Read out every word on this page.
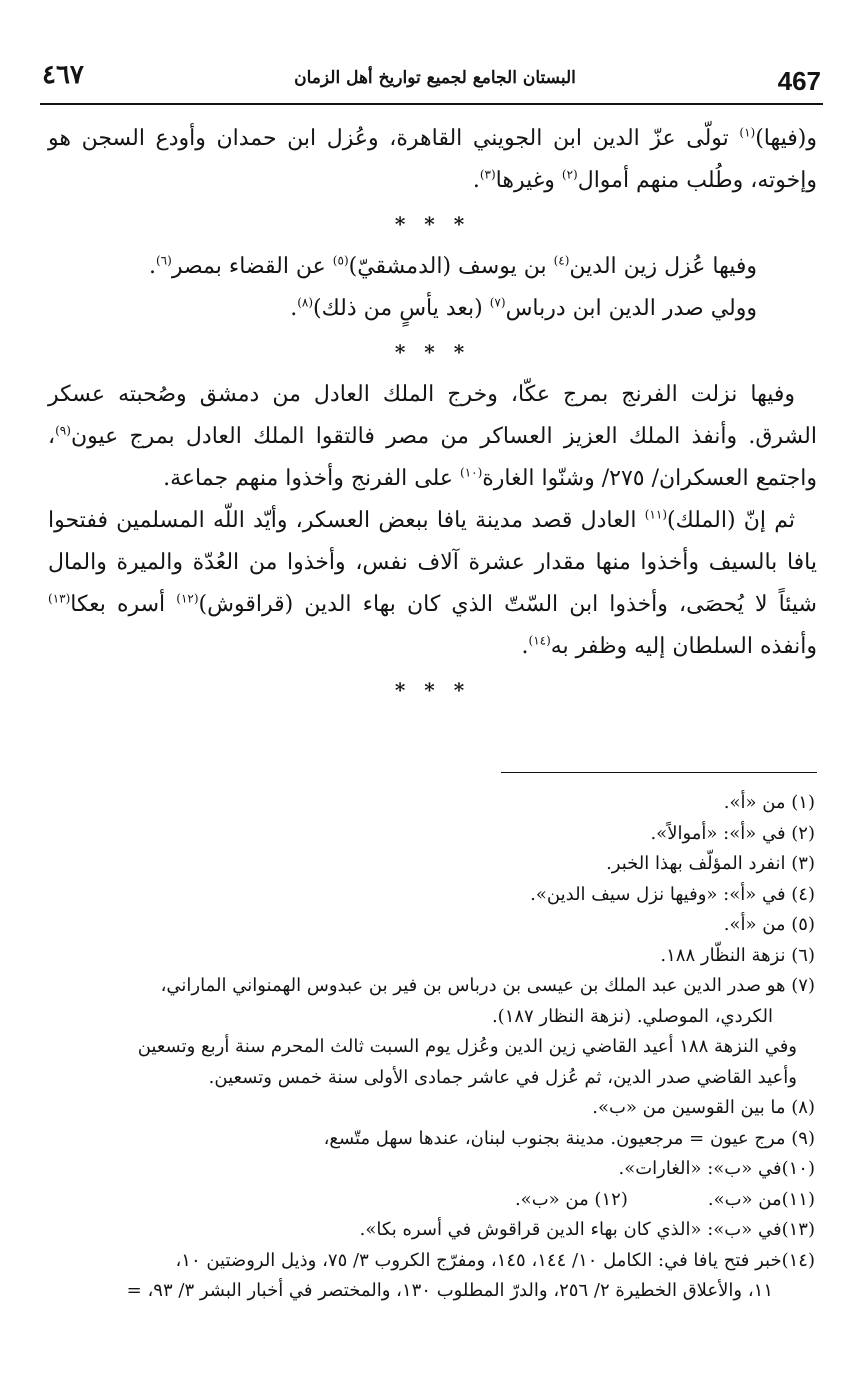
٤٦٧	البستان الجامع لجميع تواريخ أهل الزمان	467

و(فيها)$^{(١)}$ تولّى عزّ الدين ابن الجويني القاهرة، وعُزل ابن حمدان وأودع السجن هو وإخوته، وطُلب منهم أموال$^{(٢)}$ وغيرها$^{(٣)}$.

* * *

وفيها عُزل زين الدين$^{(٤)}$ بن يوسف (الدمشقيّ)$^{(٥)}$ عن القضاء بمصر$^{(٦)}$.

وولي صدر الدين ابن درباس$^{(٧)}$ (بعد يأسٍ من ذلك)$^{(٨)}$.

* * *

وفيها نزلت الفرنج بمرج عكّا، وخرج الملك العادل من دمشق وصُحبته عسكر الشرق. وأنفذ الملك العزيز العساكر من مصر فالتقوا الملك العادل بمرج عيون$^{(٩)}$، واجتمع العسكران/ ٢٧٥/ وشنّوا الغارة$^{(١٠)}$ على الفرنج وأخذوا منهم جماعة.

ثم إنّ (الملك)$^{(١١)}$ العادل قصد مدينة يافا ببعض العسكر، وأيّد اللّه المسلمين ففتحوا يافا بالسيف وأخذوا منها مقدار عشرة آلاف نفس، وأخذوا من العُدّة والميرة والمال شيئاً لا يُحصَى، وأخذوا ابن السّتّ الذي كان بهاء الدين (قراقوش)$^{(١٢)}$ أسره بعكا$^{(١٣)}$ وأنفذه السلطان إليه وظفر به$^{(١٤)}$.

* * *

(١) من «أ».

(٢) في «أ»: «أموالاً».

(٣) انفرد المؤلّف بهذا الخبر.

(٤) في «أ»: «وفيها نزل سيف الدين».

(٥) من «أ».

(٦) نزهة النظّار ١٨٨.

(٧) هو صدر الدين عبد الملك بن عيسى بن درباس بن فير بن عبدوس الهمنواني الماراني،

الكردي، الموصلي. (نزهة النظار ١٨٧).

وفي النزهة ١٨٨ أعيد القاضي زين الدين وعُزل يوم السبت ثالث المحرم سنة أربع وتسعين

وأعيد القاضي صدر الدين، ثم عُزل في عاشر جمادى الأولى سنة خمس وتسعين.

(٨) ما بين القوسين من «ب».

(٩) مرج عيون = مرجعيون. مدينة بجنوب لبنان، عندها سهل متّسع،

(١٠)في «ب»: «الغارات».

(١١)من «ب».
(١٢) من «ب».

(١٣)في «ب»: «الذي كان بهاء الدين قراقوش في أسره بكا».

(١٤)خبر فتح يافا في: الكامل ١٠/ ١٤٤، ١٤٥، ومفرّج الكروب ٣/ ٧٥، وذيل الروضتين ١٠،

١١، والأعلاق الخطيرة ٢/ ٢٥٦، والدرّ المطلوب ١٣٠، والمختصر في أخبار البشر ٣/ ٩٣، =
